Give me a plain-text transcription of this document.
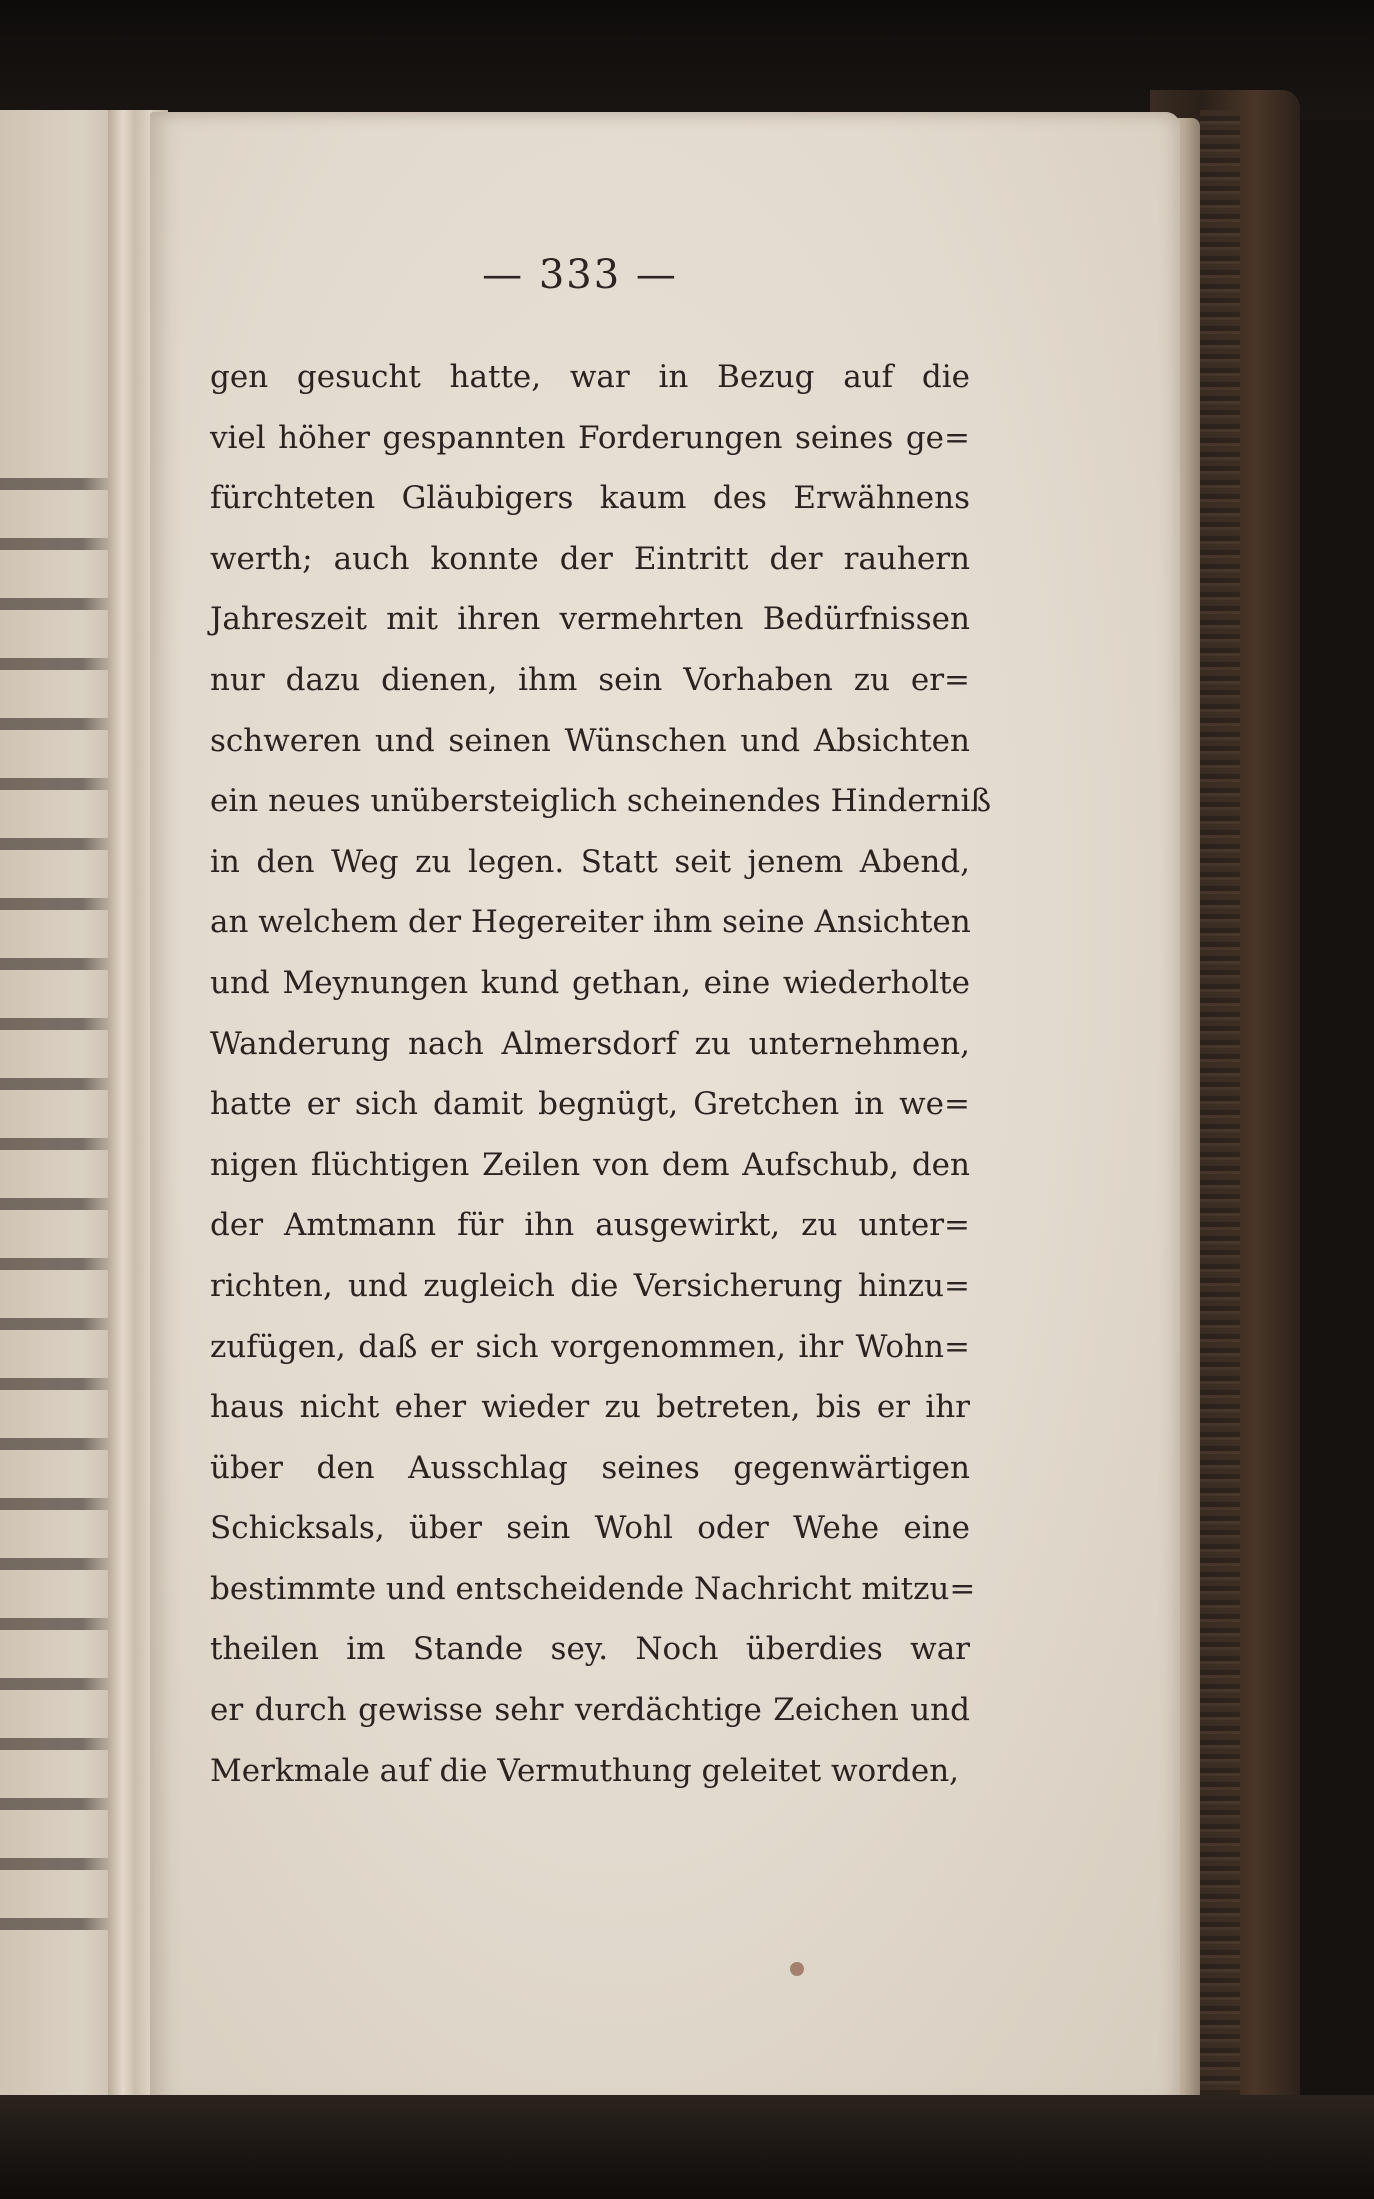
— 333 —
gen gesucht hatte, war in Bezug auf die
viel höher gespannten Forderungen seines ge=
fürchteten Gläubigers kaum des Erwähnens
werth; auch konnte der Eintritt der rauhern
Jahreszeit mit ihren vermehrten Bedürfnissen
nur dazu dienen, ihm sein Vorhaben zu er=
schweren und seinen Wünschen und Absichten
ein neues unübersteiglich scheinendes Hinderniß
in den Weg zu legen. Statt seit jenem Abend,
an welchem der Hegereiter ihm seine Ansichten
und Meynungen kund gethan, eine wiederholte
Wanderung nach Almersdorf zu unternehmen,
hatte er sich damit begnügt, Gretchen in we=
nigen flüchtigen Zeilen von dem Aufschub, den
der Amtmann für ihn ausgewirkt, zu unter=
richten, und zugleich die Versicherung hinzu=
zufügen, daß er sich vorgenommen, ihr Wohn=
haus nicht eher wieder zu betreten, bis er ihr
über den Ausschlag seines gegenwärtigen
Schicksals, über sein Wohl oder Wehe eine
bestimmte und entscheidende Nachricht mitzu=
theilen im Stande sey. Noch überdies war
er durch gewisse sehr verdächtige Zeichen und
Merkmale auf die Vermuthung geleitet worden,
